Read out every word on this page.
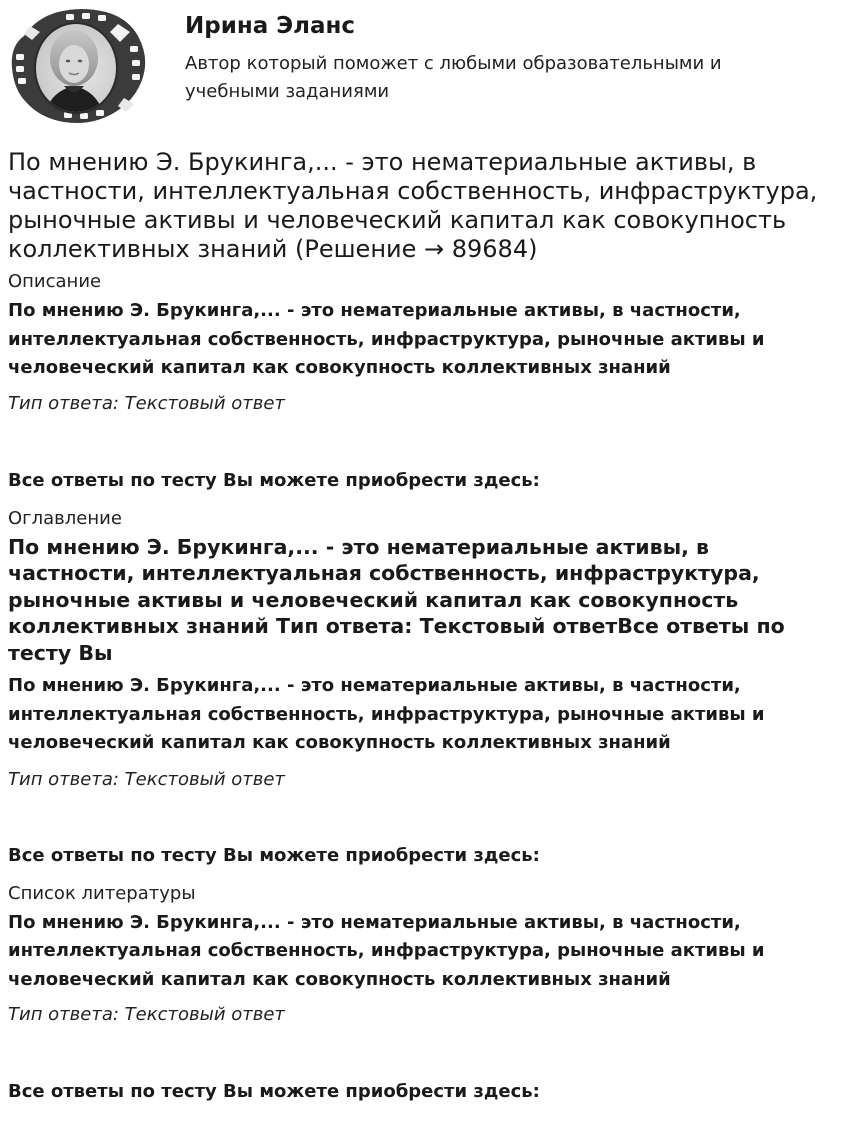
Ирина Эланс
Автор который поможет с любыми образовательными и учебными заданиями
По мнению Э. Брукинга,... - это нематериальные активы, в частности, интеллектуальная собственность, инфраструктура, рыночные активы и человеческий капитал как совокупность коллективных знаний (Решение → 89684)

Описание

По мнению Э. Брукинга,... - это нематериальные активы, в частности, интеллектуальная собственность, инфраструктура, рыночные активы и человеческий капитал как совокупность коллективных знаний

Тип ответа: Текстовый ответ

Все ответы по тесту Вы можете приобрести здесь:

Оглавление

По мнению Э. Брукинга,... - это нематериальные активы, в частности, интеллектуальная собственность, инфраструктура, рыночные активы и человеческий капитал как совокупность коллективных знаний Тип ответа: Текстовый ответВсе ответы по тесту Вы

По мнению Э. Брукинга,... - это нематериальные активы, в частности, интеллектуальная собственность, инфраструктура, рыночные активы и человеческий капитал как совокупность коллективных знаний

Тип ответа: Текстовый ответ

Все ответы по тесту Вы можете приобрести здесь:

Список литературы

По мнению Э. Брукинга,... - это нематериальные активы, в частности, интеллектуальная собственность, инфраструктура, рыночные активы и человеческий капитал как совокупность коллективных знаний

Тип ответа: Текстовый ответ

Все ответы по тесту Вы можете приобрести здесь:
